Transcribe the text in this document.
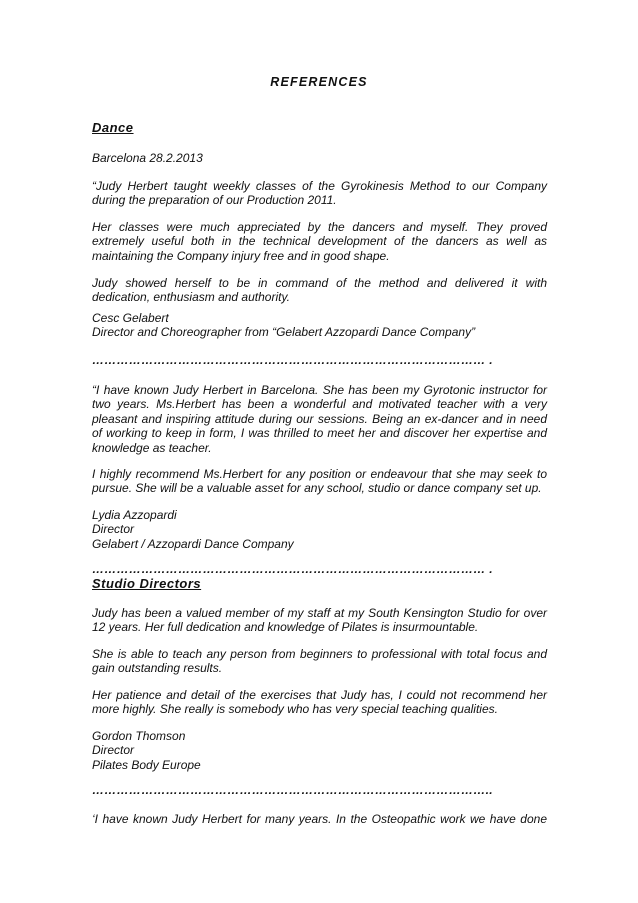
REFERENCES
Dance
Barcelona 28.2.2013

“Judy Herbert taught weekly classes of the Gyrokinesis Method to our Company during the preparation of our Production 2011.

Her classes were much appreciated by the dancers and myself. They proved extremely useful both in the technical development of the dancers as well as maintaining the Company injury free and in good shape.

Judy showed herself to be in command of the method and delivered it with dedication, enthusiasm and authority.

Cesc Gelabert
Director and Choreographer from “Gelabert Azzopardi Dance Company”
…………………………………………………………………………………… .

“I have known Judy Herbert in Barcelona. She has been my Gyrotonic instructor for two years. Ms.Herbert has been a wonderful and motivated teacher with a very pleasant and inspiring attitude during our sessions. Being an ex-dancer and in need of working to keep in form, I was thrilled to meet her and discover her expertise and knowledge as teacher.

I highly recommend Ms.Herbert for any position or endeavour that she may seek to pursue. She will be a valuable asset for any school, studio or dance company set up.

Lydia Azzopardi
Director
Gelabert / Azzopardi Dance Company
…………………………………………………………………………………… .
Studio Directors

Judy has been a valued member of my staff at my South Kensington Studio for over 12 years. Her full dedication and knowledge of Pilates is insurmountable.

She is able to teach any person from beginners to professional with total focus and gain outstanding results.

Her patience and detail of the exercises that Judy has, I could not recommend her more highly. She really is somebody who has very special teaching qualities.

Gordon Thomson
Director
Pilates Body Europe
……………………………………………………………………………………..

‘I have known Judy Herbert for many years. In the Osteopathic work we have done
